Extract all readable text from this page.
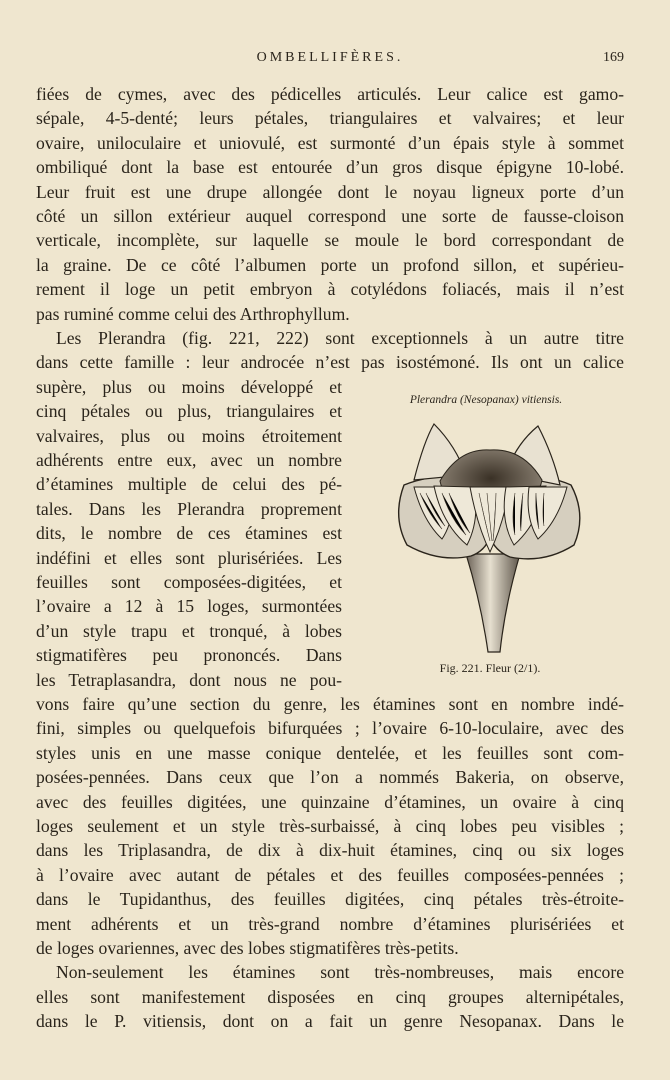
OMBELLIFÈRES.	169
fiées de cymes, avec des pédicelles articulés. Leur calice est gamo-
sépale, 4-5-denté; leurs pétales, triangulaires et valvaires; et leur
ovaire, uniloculaire et uniovulé, est surmonté d’un épais style à sommet
ombiliqué dont la base est entourée d’un gros disque épigyne 10-lobé.
Leur fruit est une drupe allongée dont le noyau ligneux porte d’un
côté un sillon extérieur auquel correspond une sorte de fausse-cloison
verticale, incomplète, sur laquelle se moule le bord correspondant de
la graine. De ce côté l’albumen porte un profond sillon, et supérieu-
rement il loge un petit embryon à cotylédons foliacés, mais il n’est
pas ruminé comme celui des Arthrophyllum.
Les Plerandra (fig. 221, 222) sont exceptionnels à un autre titre
dans cette famille : leur androcée n’est pas isostémoné. Ils ont un calice
supère, plus ou moins développé et
cinq pétales ou plus, triangulaires et
valvaires, plus ou moins étroitement
adhérents entre eux, avec un nombre
d’étamines multiple de celui des pé-
tales. Dans les Plerandra proprement
dits, le nombre de ces étamines est
indéfini et elles sont plurisériées. Les
feuilles sont composées-digitées, et
l’ovaire a 12 à 15 loges, surmontées
d’un style trapu et tronqué, à lobes
stigmatifères peu prononcés. Dans
les Tetraplasandra, dont nous ne pou-
vons faire qu’une section du genre, les étamines sont en nombre indé-
fini, simples ou quelquefois bifurquées ; l’ovaire 6-10-loculaire, avec des
styles unis en une masse conique dentelée, et les feuilles sont com-
posées-pennées. Dans ceux que l’on a nommés Bakeria, on observe,
avec des feuilles digitées, une quinzaine d’étamines, un ovaire à cinq
loges seulement et un style très-surbaissé, à cinq lobes peu visibles ;
dans les Triplasandra, de dix à dix-huit étamines, cinq ou six loges
à l’ovaire avec autant de pétales et des feuilles composées-pennées ;
dans le Tupidanthus, des feuilles digitées, cinq pétales très-étroite-
ment adhérents et un très-grand nombre d’étamines plurisériées et
de loges ovariennes, avec des lobes stigmatifères très-petits.
Non-seulement les étamines sont très-nombreuses, mais encore
elles sont manifestement disposées en cinq groupes alternipétales,
dans le P. vitiensis, dont on a fait un genre Nesopanax. Dans le
Plerandra (Nesopanax) vitiensis.
Fig. 221. Fleur (2/1).
